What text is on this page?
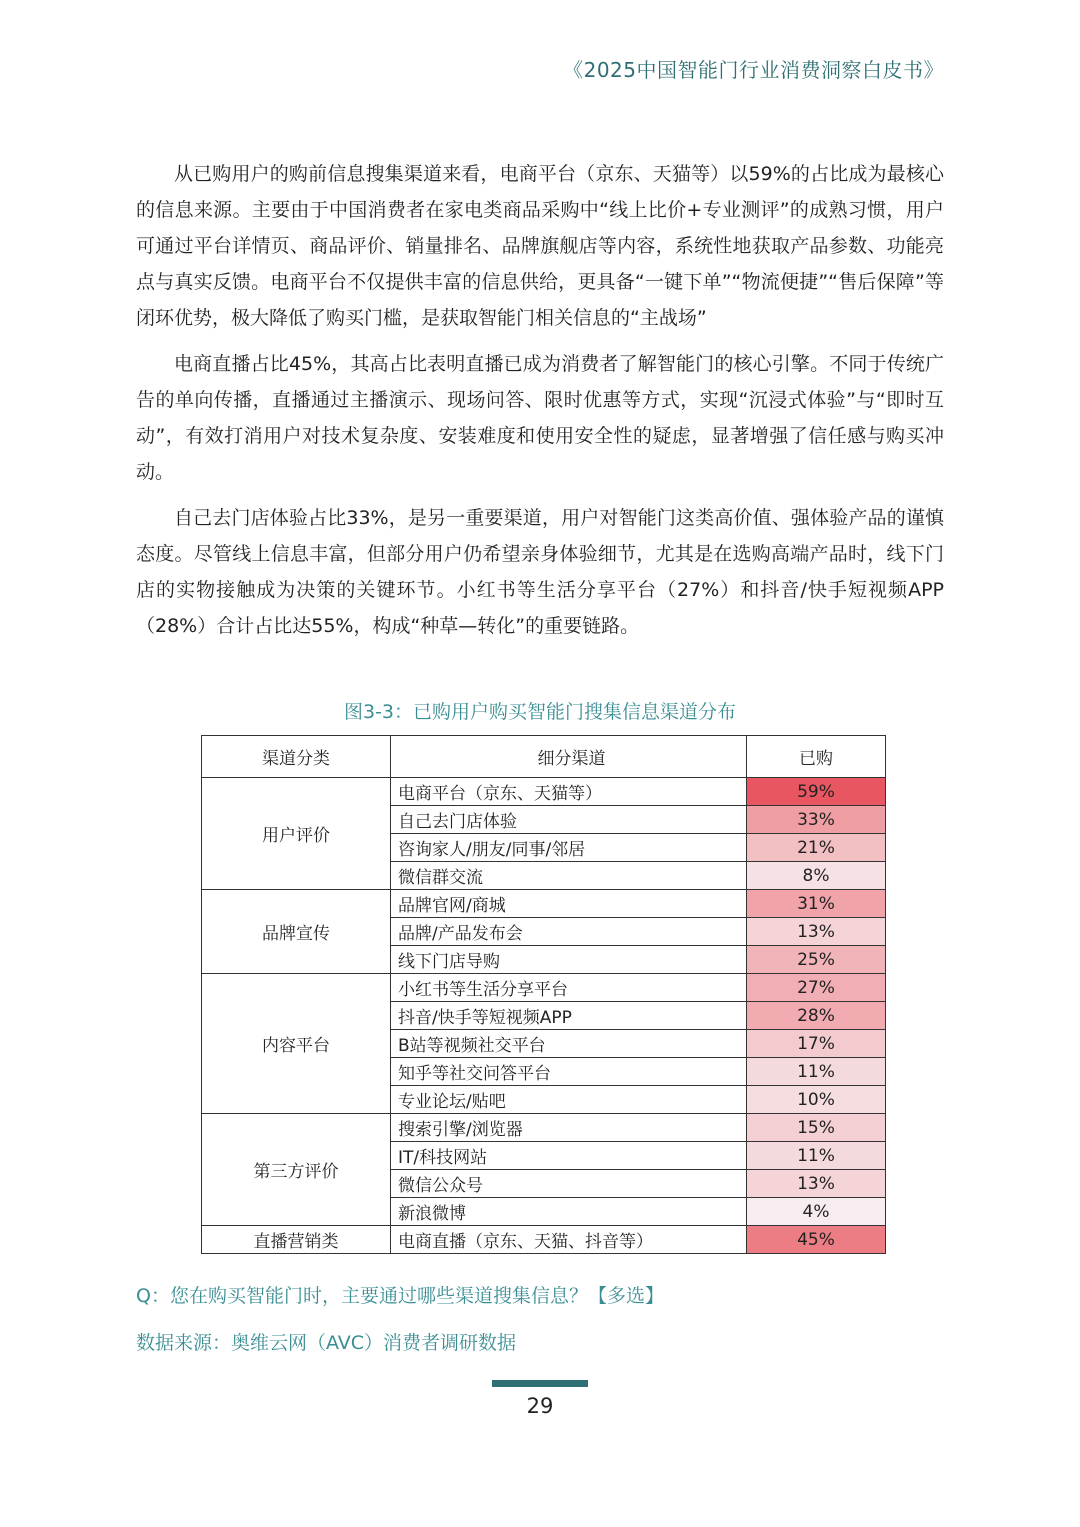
《2025中国智能门行业消费洞察白皮书》

从已购用户的购前信息搜集渠道来看，电商平台（京东、天猫等）以59%的占比成为最核心的信息来源。主要由于中国消费者在家电类商品采购中“线上比价+专业测评”的成熟习惯，用户可通过平台详情页、商品评价、销量排名、品牌旗舰店等内容，系统性地获取产品参数、功能亮点与真实反馈。电商平台不仅提供丰富的信息供给，更具备“一键下单”“物流便捷”“售后保障”等闭环优势，极大降低了购买门槛，是获取智能门相关信息的“主战场”

电商直播占比45%，其高占比表明直播已成为消费者了解智能门的核心引擎。不同于传统广告的单向传播，直播通过主播演示、现场问答、限时优惠等方式，实现“沉浸式体验”与“即时互动”，有效打消用户对技术复杂度、安装难度和使用安全性的疑虑，显著增强了信任感与购买冲动。

自己去门店体验占比33%，是另一重要渠道，用户对智能门这类高价值、强体验产品的谨慎态度。尽管线上信息丰富，但部分用户仍希望亲身体验细节，尤其是在选购高端产品时，线下门店的实物接触成为决策的关键环节。小红书等生活分享平台（27%）和抖音/快手短视频APP（28%）合计占比达55%，构成“种草—转化”的重要链路。

图3-3：已购用户购买智能门搜集信息渠道分布
渠道分类	细分渠道	已购
用户评价	电商平台（京东、天猫等）	59%
	自己去门店体验	33%
	咨询家人/朋友/同事/邻居	21%
	微信群交流	8%
品牌宣传	品牌官网/商城	31%
	品牌/产品发布会	13%
	线下门店导购	25%
内容平台	小红书等生活分享平台	27%
	抖音/快手等短视频APP	28%
	B站等视频社交平台	17%
	知乎等社交问答平台	11%
	专业论坛/贴吧	10%
第三方评价	搜索引擎/浏览器	15%
	IT/科技网站	11%
	微信公众号	13%
	新浪微博	4%
直播营销类	电商直播（京东、天猫、抖音等）	45%
Q：您在购买智能门时，主要通过哪些渠道搜集信息？【多选】
数据来源：奥维云网（AVC）消费者调研数据
29
